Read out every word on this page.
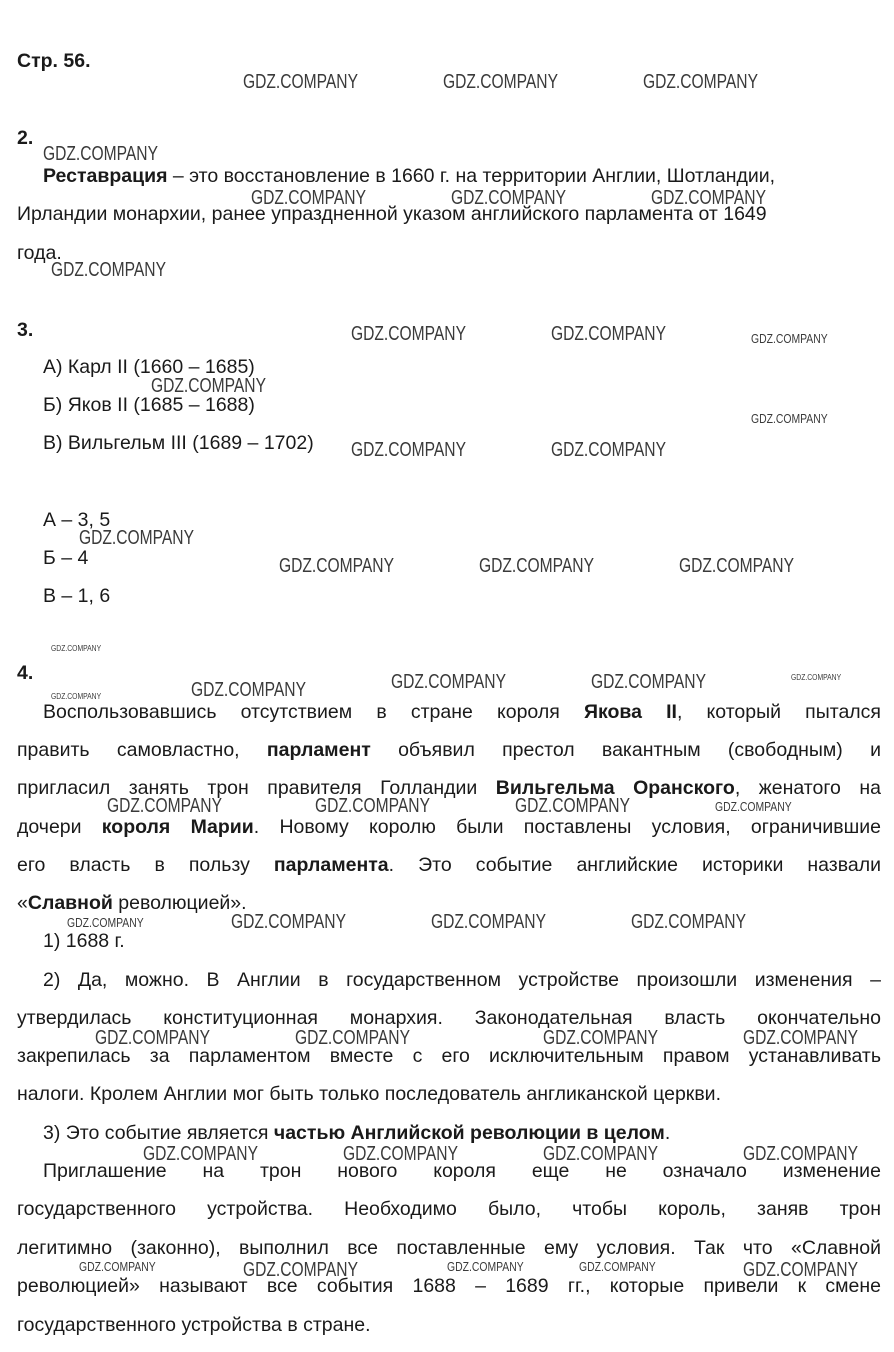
GDZ.COMPANY	GDZ.COMPANY	GDZ.COMPANY
GDZ.COMPANY
GDZ.COMPANY	GDZ.COMPANY	GDZ.COMPANY
GDZ.COMPANY
GDZ.COMPANY	GDZ.COMPANY	GDZ.COMPANY
GDZ.COMPANY
GDZ.COMPANY
GDZ.COMPANY	GDZ.COMPANY
GDZ.COMPANY
GDZ.COMPANY	GDZ.COMPANY	GDZ.COMPANY
GDZ.COMPANY
GDZ.COMPANY	GDZ.COMPANY	GDZ.COMPANY
GDZ.COMPANY
GDZ.COMPANY
GDZ.COMPANY	GDZ.COMPANY	GDZ.COMPANY	GDZ.COMPANY
GDZ.COMPANY	GDZ.COMPANY	GDZ.COMPANY	GDZ.COMPANY
GDZ.COMPANY	GDZ.COMPANY	GDZ.COMPANY	GDZ.COMPANY
GDZ.COMPANY	GDZ.COMPANY	GDZ.COMPANY	GDZ.COMPANY
GDZ.COMPANY	GDZ.COMPANY	GDZ.COMPANY	GDZ.COMPANY	GDZ.COMPANY
Стр. 56.
2.
Реставрация – это восстановление в 1660 г. на территории Англии, Шотландии,
Ирландии монархии, ранее упраздненной указом английского парламента от 1649
года.
3.
А) Карл II (1660 – 1685)
Б) Яков II (1685 – 1688)
В) Вильгельм III (1689 – 1702)
А – 3, 5
Б – 4
В – 1, 6
4.
Воспользовавшись отсутствием в стране короля Якова II, который пытался
править самовластно, парламент объявил престол вакантным (свободным) и
пригласил занять трон правителя Голландии Вильгельма Оранского, женатого на
дочери короля Марии. Новому королю были поставлены условия, ограничившие
его власть в пользу парламента. Это событие английские историки назвали
«Славной революцией».
1) 1688 г.
2) Да, можно. В Англии в государственном устройстве произошли изменения –
утвердилась конституционная монархия. Законодательная власть окончательно
закрепилась за парламентом вместе с его исключительным правом устанавливать
налоги. Кролем Англии мог быть только последователь англиканской церкви.
3) Это событие является частью Английской революции в целом.
Приглашение на трон нового короля еще не означало изменение
государственного устройства. Необходимо было, чтобы король, заняв трон
легитимно (законно), выполнил все поставленные ему условия. Так что «Славной
революцией» называют все события 1688 – 1689 гг., которые привели к смене
государственного устройства в стране.
